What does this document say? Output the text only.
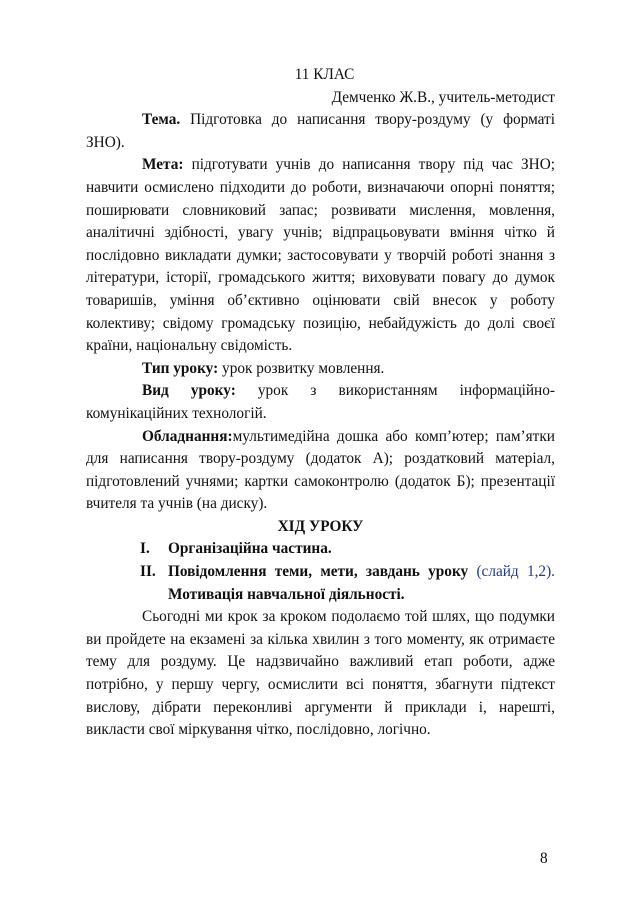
11 КЛАС

Демченко Ж.В., учитель-методист

Тема. Підготовка до написання твору-роздуму (у форматі ЗНО).

Мета: підготувати учнів до написання твору під час ЗНО; навчити осмислено підходити до роботи, визначаючи опорні поняття; поширювати словниковий запас; розвивати мислення, мовлення, аналітичні здібності, увагу учнів; відпрацьовувати вміння чітко й послідовно викладати думки; застосовувати у творчій роботі знання з літератури, історії, громадського життя; виховувати повагу до думок товаришів, уміння об’єктивно оцінювати свій внесок у роботу колективу; свідому громадську позицію, небайдужість до долі своєї країни, національну свідомість.

Тип уроку: урок розвитку мовлення.

Вид уроку: урок з використанням інформаційно-комунікаційних технологій.

Обладнання:мультимедійна дошка або комп’ютер; пам’ятки для написання твору-роздуму (додаток А); роздатковий матеріал, підготовлений учнями; картки самоконтролю (додаток Б); презентації вчителя та учнів (на диску).

ХІД УРОКУ

I. Організаційна частина.
II. Повідомлення теми, мети, завдань уроку (слайд 1,2). Мотивація навчальної діяльності.

Сьогодні ми крок за кроком подолаємо той шлях, що подумки ви пройдете на екзамені за кілька хвилин з того моменту, як отримаєте тему для роздуму. Це надзвичайно важливий етап роботи, адже потрібно, у першу чергу, осмислити всі поняття, збагнути підтекст вислову, дібрати переконливі аргументи й приклади і, нарешті, викласти свої міркування чітко, послідовно, логічно.

8
